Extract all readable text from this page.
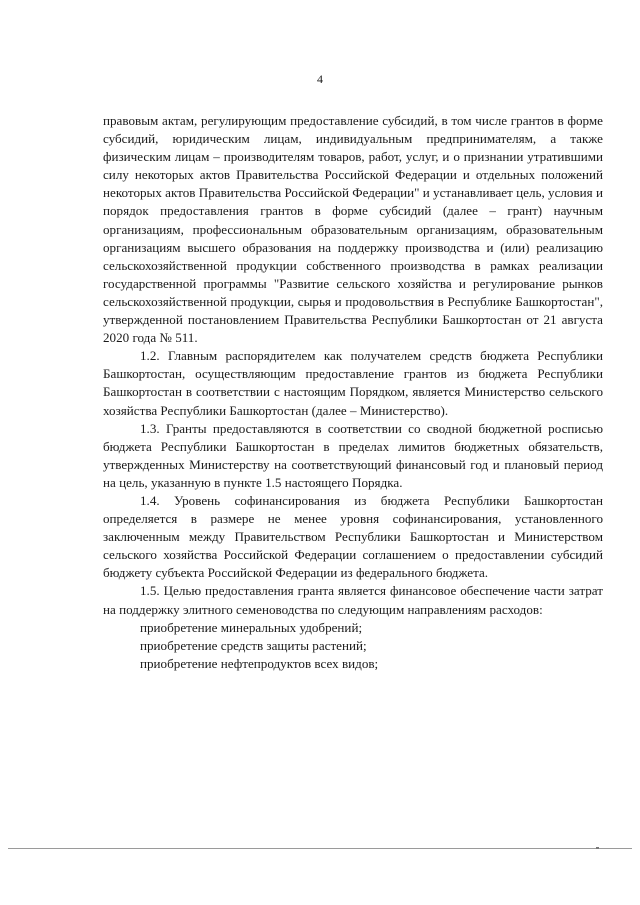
4

правовым актам, регулирующим предоставление субсидий, в том числе грантов в форме субсидий, юридическим лицам, индивидуальным предпринимателям, а также физическим лицам – производителям товаров, работ, услуг, и о признании утратившими силу некоторых актов Правительства Российской Федерации и отдельных положений некоторых актов Правительства Российской Федерации" и устанавливает цель, условия и порядок предоставления грантов в форме субсидий (далее – грант) научным организациям, профессиональным образовательным организациям, образовательным организациям высшего образования на поддержку производства и (или) реализацию сельскохозяйственной продукции собственного производства в рамках реализации государственной программы "Развитие сельского хозяйства и регулирование рынков сельскохозяйственной продукции, сырья и продовольствия в Республике Башкортостан", утвержденной постановлением Правительства Республики Башкортостан от 21 августа 2020 года № 511.

1.2. Главным распорядителем как получателем средств бюджета Республики Башкортостан, осуществляющим предоставление грантов из бюджета Республики Башкортостан в соответствии с настоящим Порядком, является Министерство сельского хозяйства Республики Башкортостан (далее – Министерство).

1.3. Гранты предоставляются в соответствии со сводной бюджетной росписью бюджета Республики Башкортостан в пределах лимитов бюджетных обязательств, утвержденных Министерству на соответствующий финансовый год и плановый период на цель, указанную в пункте 1.5 настоящего Порядка.

1.4. Уровень софинансирования из бюджета Республики Башкортостан определяется в размере не менее уровня софинансирования, установленного заключенным между Правительством Республики Башкортостан и Министерством сельского хозяйства Российской Федерации соглашением о предоставлении субсидий бюджету субъекта Российской Федерации из федерального бюджета.

1.5. Целью предоставления гранта является финансовое обеспечение части затрат на поддержку элитного семеноводства по следующим направлениям расходов:

приобретение минеральных удобрений;

приобретение средств защиты растений;

приобретение нефтепродуктов всех видов;
